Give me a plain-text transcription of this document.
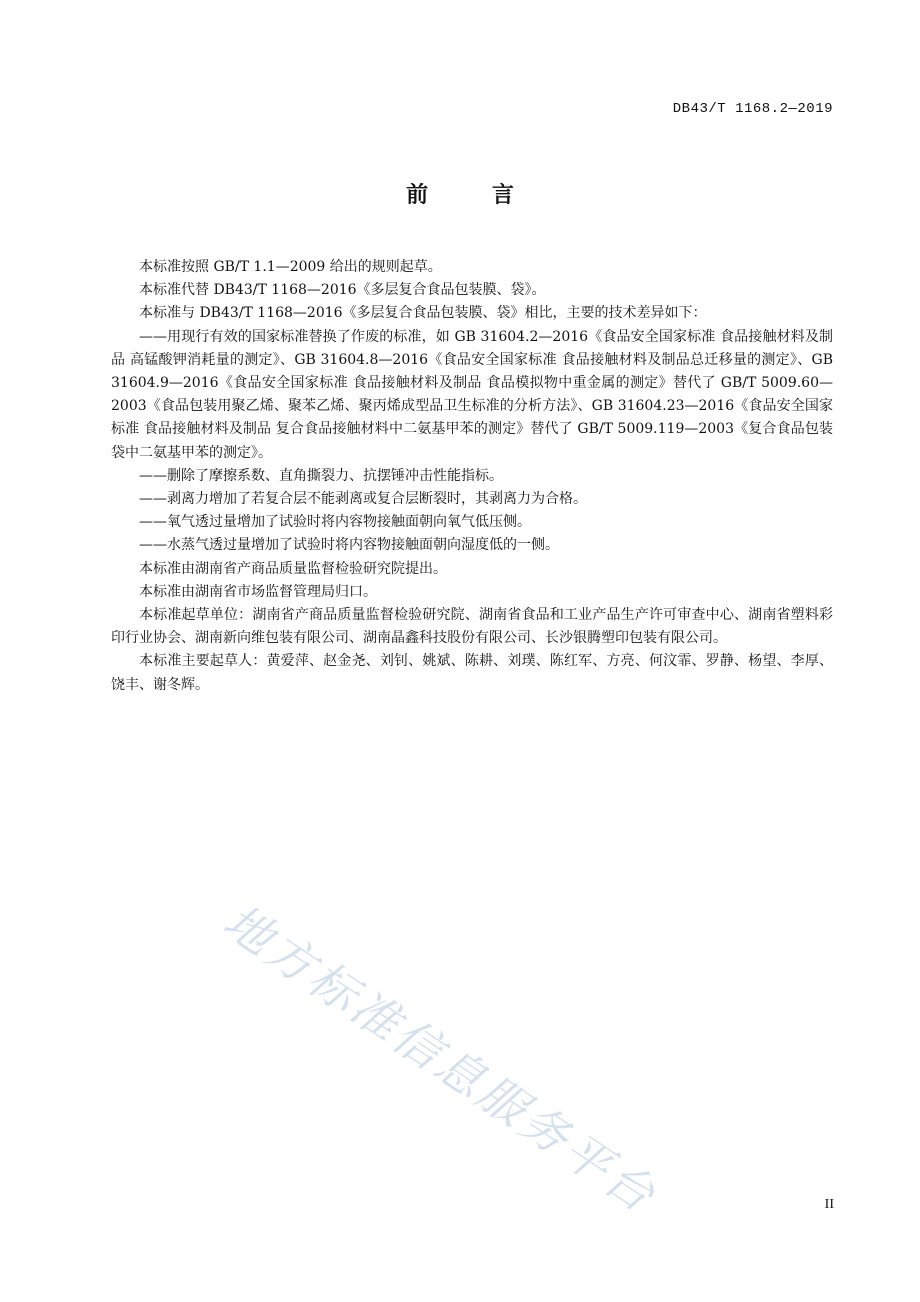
DB43/T 1168.2—2019
前 言

本标准按照 GB/T 1.1—2009 给出的规则起草。

本标准代替 DB43/T 1168—2016《多层复合食品包装膜、袋》。

本标准与 DB43/T 1168—2016《多层复合食品包装膜、袋》相比，主要的技术差异如下：

——用现行有效的国家标准替换了作废的标准，如 GB 31604.2—2016《食品安全国家标准 食品接触材料及制品 高锰酸钾消耗量的测定》、GB 31604.8—2016《食品安全国家标准 食品接触材料及制品总迁移量的测定》、GB 31604.9—2016《食品安全国家标准 食品接触材料及制品 食品模拟物中重金属的测定》替代了 GB/T 5009.60—2003《食品包装用聚乙烯、聚苯乙烯、聚丙烯成型品卫生标准的分析方法》、GB 31604.23—2016《食品安全国家标准 食品接触材料及制品 复合食品接触材料中二氨基甲苯的测定》替代了 GB/T 5009.119—2003《复合食品包装袋中二氨基甲苯的测定》。

——删除了摩擦系数、直角撕裂力、抗摆锤冲击性能指标。

——剥离力增加了若复合层不能剥离或复合层断裂时，其剥离力为合格。

——氧气透过量增加了试验时将内容物接触面朝向氧气低压侧。

——水蒸气透过量增加了试验时将内容物接触面朝向湿度低的一侧。

本标准由湖南省产商品质量监督检验研究院提出。

本标准由湖南省市场监督管理局归口。

本标准起草单位：湖南省产商品质量监督检验研究院、湖南省食品和工业产品生产许可审查中心、湖南省塑料彩印行业协会、湖南新向维包装有限公司、湖南晶鑫科技股份有限公司、长沙银腾塑印包装有限公司。

本标准主要起草人：黄爱萍、赵金尧、刘钊、姚斌、陈耕、刘璞、陈红军、方亮、何汶霏、罗静、杨望、李厚、饶丰、谢冬辉。

地方标准信息服务平台	II
